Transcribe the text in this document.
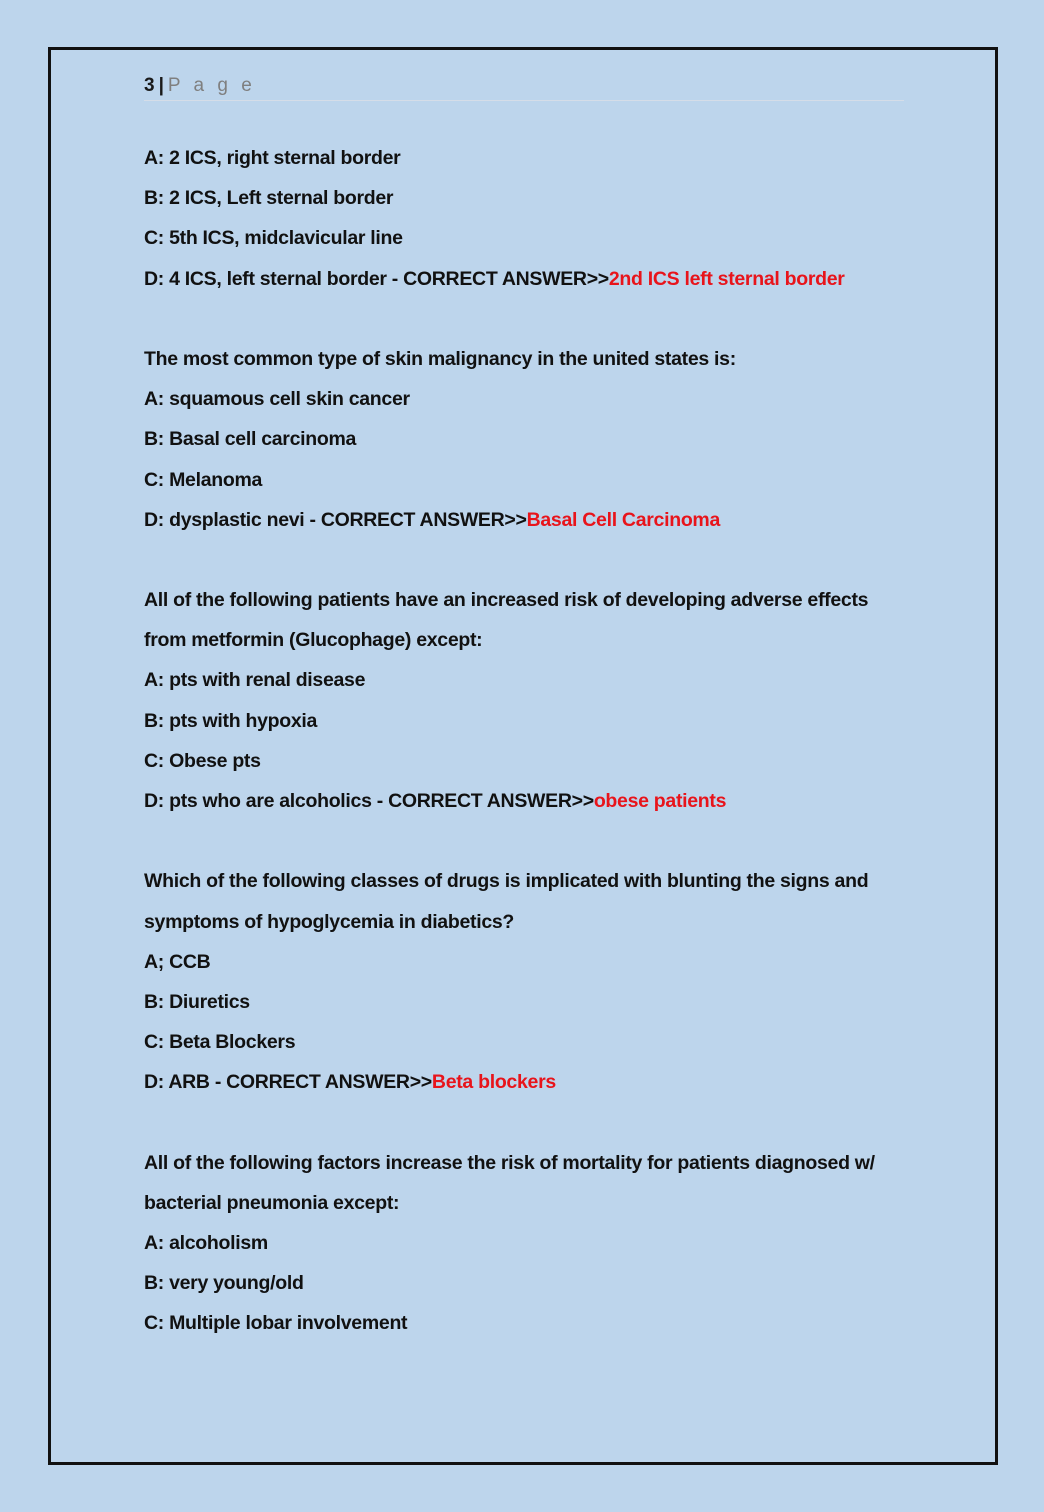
3 | P a g e
A: 2 ICS, right sternal border
B: 2 ICS, Left sternal border
C: 5th ICS, midclavicular line
D: 4 ICS, left sternal border - CORRECT ANSWER>>2nd ICS left sternal border
The most common type of skin malignancy in the united states is:
A: squamous cell skin cancer
B: Basal cell carcinoma
C: Melanoma
D: dysplastic nevi - CORRECT ANSWER>>Basal Cell Carcinoma
All of the following patients have an increased risk of developing adverse effects
from metformin (Glucophage) except:
A: pts with renal disease
B: pts with hypoxia
C: Obese pts
D: pts who are alcoholics - CORRECT ANSWER>>obese patients
Which of the following classes of drugs is implicated with blunting the signs and
symptoms of hypoglycemia in diabetics?
A; CCB
B: Diuretics
C: Beta Blockers
D: ARB - CORRECT ANSWER>>Beta blockers
All of the following factors increase the risk of mortality for patients diagnosed w/
bacterial pneumonia except:
A: alcoholism
B: very young/old
C: Multiple lobar involvement
